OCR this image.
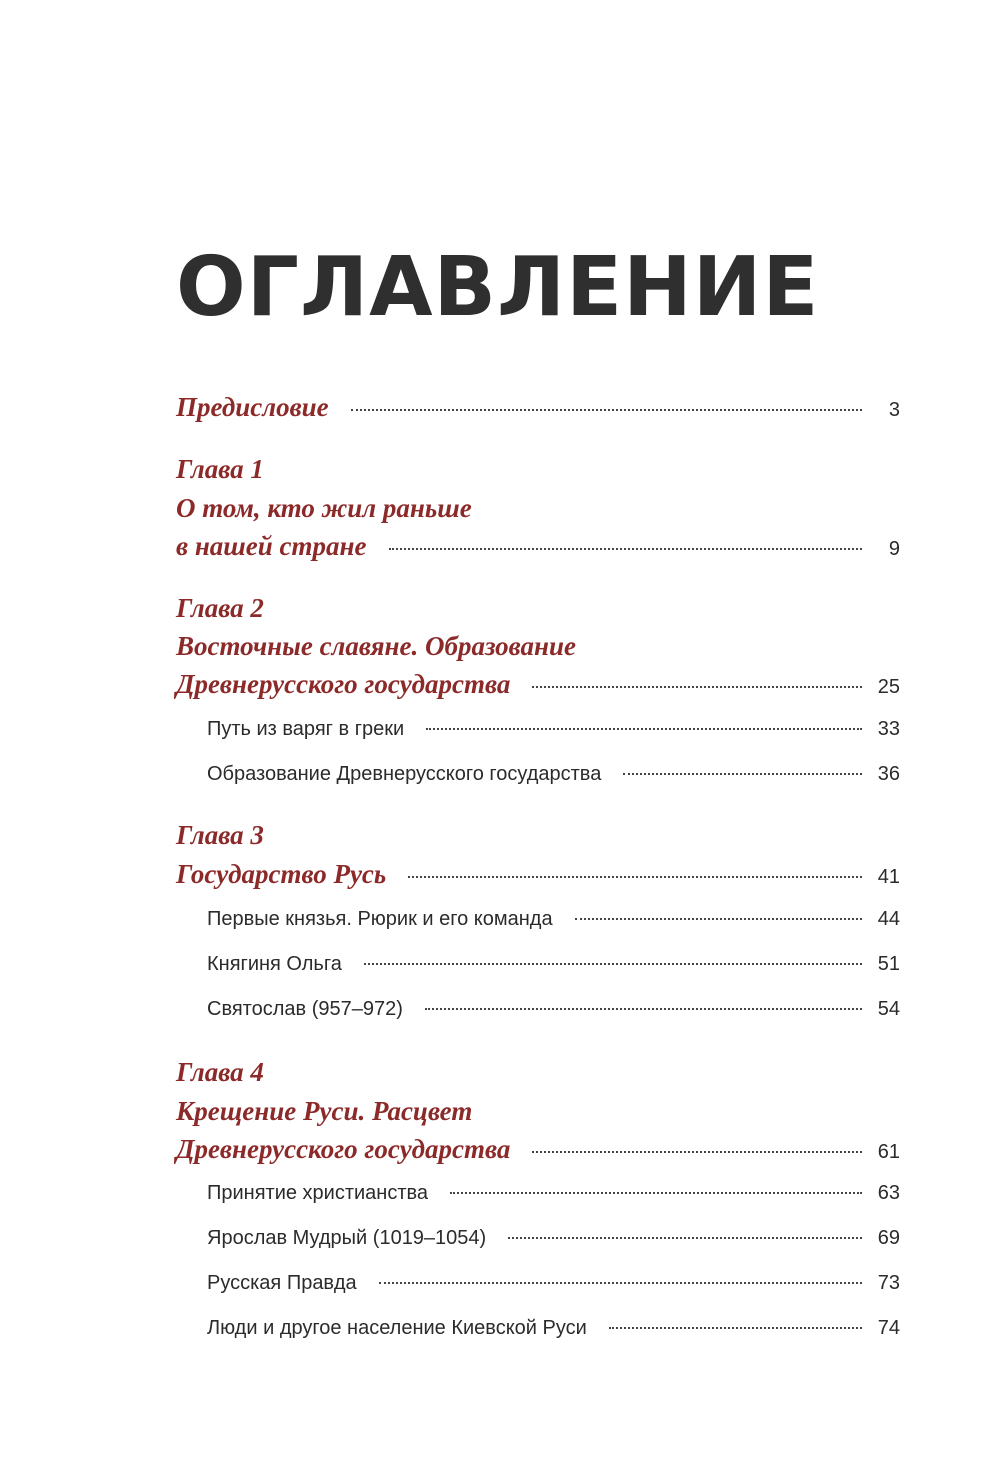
ОГЛАВЛЕНИЕ
Предисловие	3
Глава 1
О том, кто жил раньше
в нашей стране	9
Глава 2
Восточные славяне. Образование
Древнерусского государства	25
Путь из варяг в греки	33
Образование Древнерусского государства	36
Глава 3
Государство Русь	41
Первые князья. Рюрик и его команда	44
Княгиня Ольга	51
Святослав (957–972)	54
Глава 4
Крещение Руси. Расцвет
Древнерусского государства	61
Принятие христианства	63
Ярослав Мудрый (1019–1054)	69
Русская Правда	73
Люди и другое население Киевской Руси	74
